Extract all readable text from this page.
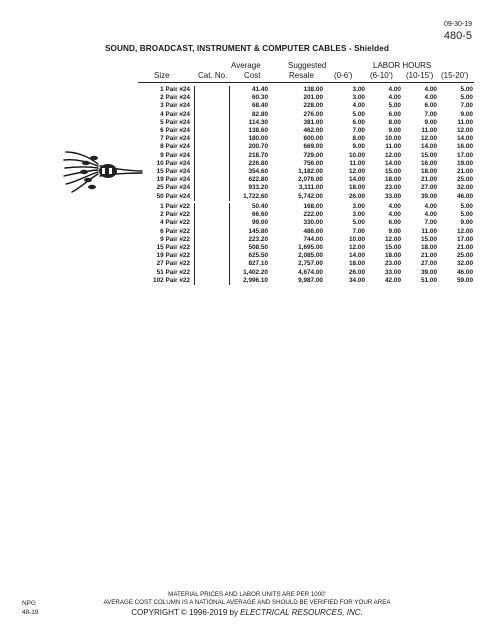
09-30-19
480-5
SOUND, BROADCAST, INSTRUMENT & COMPUTER CABLES - Shielded
Average	Suggested	LABOR HOURS
Size	Cat. No. Cost	Resale	(0-6') (6-10') (10-15') (15-20')
1 Pair #24		41.40	138.00	3.00	4.00	4.00	5.00
2 Pair #24		60.30	201.00	3.00	4.00	4.00	5.00
3 Pair #24		68.40	228.00	4.00	5.00	6.00	7.00
4 Pair #24		82.80	276.00	5.00	6.00	7.00	9.00
5 Pair #24		114.30	381.00	6.00	8.00	9.00	11.00
6 Pair #24		138.60	462.00	7.00	9.00	11.00	12.00
7 Pair #24		180.00	600.00	8.00	10.00	12.00	14.00
8 Pair #24		200.70	669.00	9.00	11.00	14.00	16.00
9 Pair #24		218.70	729.00	10.00	12.00	15.00	17.00
10 Pair #24		226.80	756.00	11.00	14.00	16.00	19.00
15 Pair #24		354.60	1,182.00	12.00	15.00	18.00	21.00
19 Pair #24		622.80	2,076.00	14.00	18.00	21.00	25.00
25 Pair #24		933.20	3,111.00	18.00	23.00	27.00	32.00
50 Pair #24		1,722.60	5,742.00	26.00	33.00	39.00	46.00
1 Pair #22		50.40	168.00	3.00	4.00	4.00	5.00
2 Pair #22		66.60	222.00	3.00	4.00	4.00	5.00
4 Pair #22		99.00	330.00	5.00	6.00	7.00	9.00
6 Pair #22		145.80	486.00	7.00	9.00	11.00	12.00
9 Pair #22		223.20	744.00	10.00	12.00	15.00	17.00
15 Pair #22		508.50	1,695.00	12.00	15.00	18.00	21.00
19 Pair #22		625.50	2,085.00	14.00	18.00	21.00	25.00
27 Pair #22		827.10	2,757.00	18.00	23.00	27.00	32.00
51 Pair #22		1,402.20	4,674.00	26.00	33.00	39.00	46.00
102 Pair #22		2,996.10	9,987.00	34.00	42.00	51.00	59.00
MATERIAL PRICES AND LABOR UNITS ARE PER 1000'
AVERAGE COST COLUMN IS A NATIONAL AVERAGE AND SHOULD BE VERIFIED FOR YOUR AREA
COPYRIGHT © 1996-2019 by ELECTRICAL RESOURCES, INC.
NPG
48-19
